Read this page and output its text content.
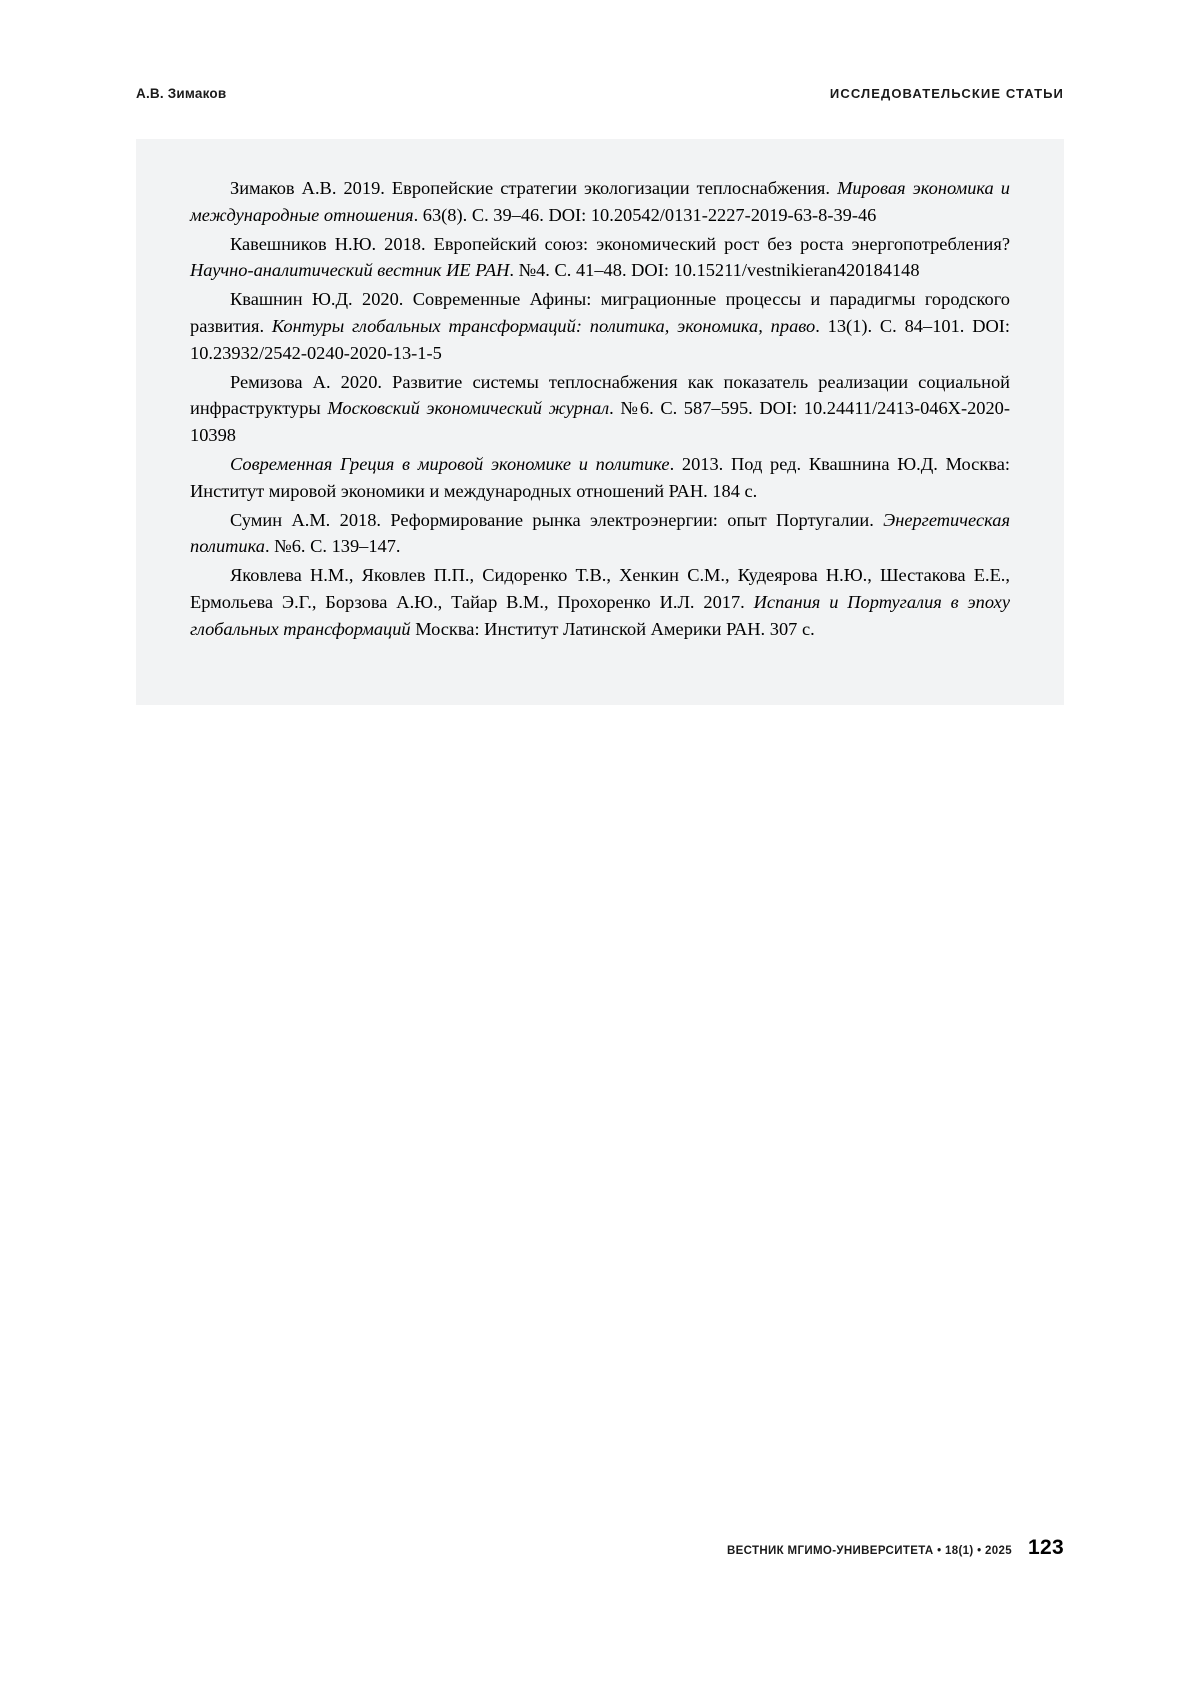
А.В. Зимаков	ИССЛЕДОВАТЕЛЬСКИЕ СТАТЬИ

Зимаков А.В. 2019. Европейские стратегии экологизации теплоснабжения. Мировая экономика и международные отношения. 63(8). С. 39–46. DOI: 10.20542/0131-2227-2019-63-8-39-46

Кавешников Н.Ю. 2018. Европейский союз: экономический рост без роста энергопотребления? Научно-аналитический вестник ИЕ РАН. №4. С. 41–48. DOI: 10.15211/vestnikieran420184148

Квашнин Ю.Д. 2020. Современные Афины: миграционные процессы и парадигмы городского развития. Контуры глобальных трансформаций: политика, экономика, право. 13(1). С. 84–101. DOI: 10.23932/2542-0240-2020-13-1-5

Ремизова А. 2020. Развитие системы теплоснабжения как показатель реализации социальной инфраструктуры Московский экономический журнал. №6. С. 587–595. DOI: 10.24411/2413-046X-2020-10398

Современная Греция в мировой экономике и политике. 2013. Под ред. Квашнина Ю.Д. Москва: Институт мировой экономики и международных отношений РАН. 184 с.

Сумин А.М. 2018. Реформирование рынка электроэнергии: опыт Португалии. Энергетическая политика. №6. С. 139–147.

Яковлева Н.М., Яковлев П.П., Сидоренко Т.В., Хенкин С.М., Кудеярова Н.Ю., Шестакова Е.Е., Ермольева Э.Г., Борзова А.Ю., Тайар В.М., Прохоренко И.Л. 2017. Испания и Португалия в эпоху глобальных трансформаций Москва: Институт Латинской Америки РАН. 307 с.

ВЕСТНИК МГИМО-УНИВЕРСИТЕТА • 18(1) • 2025 123
